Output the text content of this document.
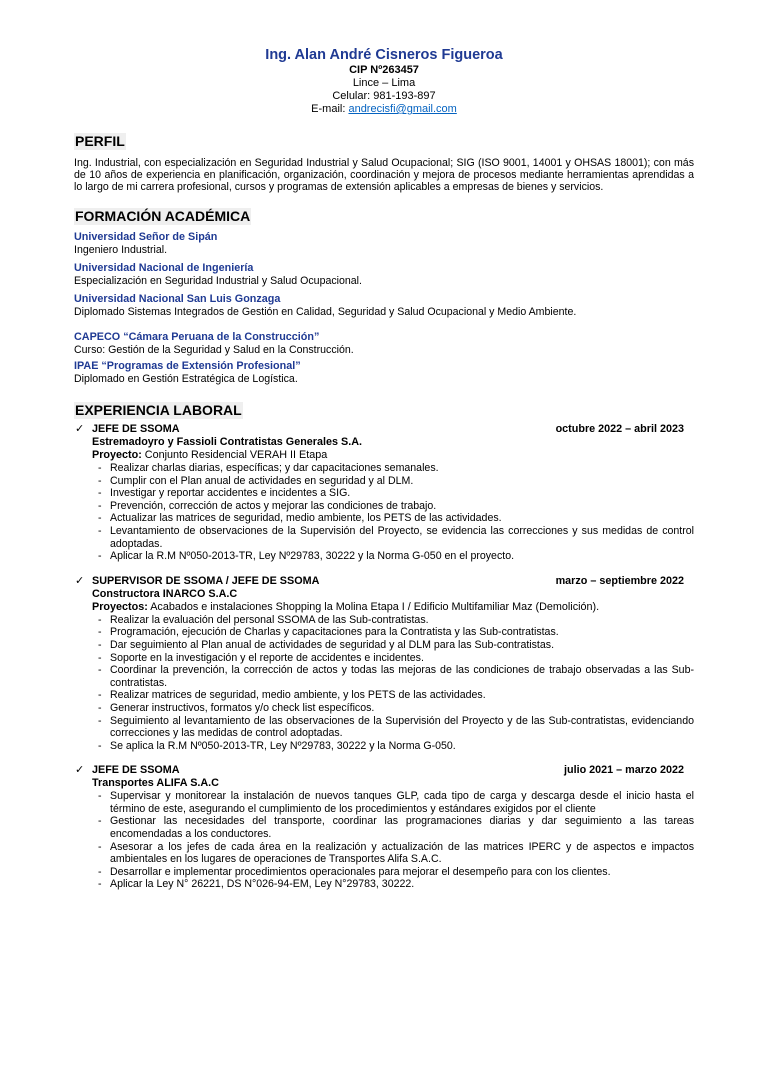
Ing. Alan André Cisneros Figueroa
CIP Nº263457
Lince – Lima
Celular: 981-193-897
E-mail: andrecisfi@gmail.com
PERFIL

Ing. Industrial, con especialización en Seguridad Industrial y Salud Ocupacional; SIG (ISO 9001, 14001 y OHSAS 18001); con más de 10 años de experiencia en planificación, organización, coordinación y mejora de procesos mediante herramientas aprendidas a lo largo de mi carrera profesional, cursos y programas de extensión aplicables a empresas de bienes y servicios.

FORMACIÓN ACADÉMICA
Universidad Señor de Sipán
Ingeniero Industrial.
Universidad Nacional de Ingeniería
Especialización en Seguridad Industrial y Salud Ocupacional.
Universidad Nacional San Luis Gonzaga
Diplomado Sistemas Integrados de Gestión en Calidad, Seguridad y Salud Ocupacional y Medio Ambiente.
CAPECO “Cámara Peruana de la Construcción”
Curso: Gestión de la Seguridad y Salud en la Construcción.
IPAE “Programas de Extensión Profesional”
Diplomado en Gestión Estratégica de Logística.
EXPERIENCIA LABORAL
✓ JEFE DE SSOMA	octubre 2022 – abril 2023
Estremadoyro y Fassioli Contratistas Generales S.A.
Proyecto: Conjunto Residencial VERAH II Etapa
- Realizar charlas diarias, específicas; y dar capacitaciones semanales.
- Cumplir con el Plan anual de actividades en seguridad y al DLM.
- Investigar y reportar accidentes e incidentes a SIG.
- Prevención, corrección de actos y mejorar las condiciones de trabajo.
- Actualizar las matrices de seguridad, medio ambiente, los PETS de las actividades.
- Levantamiento de observaciones de la Supervisión del Proyecto, se evidencia las correcciones y sus medidas de control adoptadas.
- Aplicar la R.M Nº050-2013-TR, Ley Nº29783, 30222 y la Norma G-050 en el proyecto.
✓ SUPERVISOR DE SSOMA / JEFE DE SSOMA	marzo – septiembre 2022
Constructora INARCO S.A.C
Proyectos: Acabados e instalaciones Shopping la Molina Etapa I / Edificio Multifamiliar Maz (Demolición).
- Realizar la evaluación del personal SSOMA de las Sub-contratistas.
- Programación, ejecución de Charlas y capacitaciones para la Contratista y las Sub-contratistas.
- Dar seguimiento al Plan anual de actividades de seguridad y al DLM para las Sub-contratistas.
- Soporte en la investigación y el reporte de accidentes e incidentes.
- Coordinar la prevención, la corrección de actos y todas las mejoras de las condiciones de trabajo observadas a las Sub-contratistas.
- Realizar matrices de seguridad, medio ambiente, y los PETS de las actividades.
- Generar instructivos, formatos y/o check list específicos.
- Seguimiento al levantamiento de las observaciones de la Supervisión del Proyecto y de las Sub-contratistas, evidenciando correcciones y las medidas de control adoptadas.
- Se aplica la R.M Nº050-2013-TR, Ley Nº29783, 30222 y la Norma G-050.
✓ JEFE DE SSOMA	julio 2021 – marzo 2022
Transportes ALIFA S.A.C
- Supervisar y monitorear la instalación de nuevos tanques GLP, cada tipo de carga y descarga desde el inicio hasta el término de este, asegurando el cumplimiento de los procedimientos y estándares exigidos por el cliente
- Gestionar las necesidades del transporte, coordinar las programaciones diarias y dar seguimiento a las tareas encomendadas a los conductores.
- Asesorar a los jefes de cada área en la realización y actualización de las matrices IPERC y de aspectos e impactos ambientales en los lugares de operaciones de Transportes Alifa S.A.C.
- Desarrollar e implementar procedimientos operacionales para mejorar el desempeño para con los clientes.
- Aplicar la Ley N° 26221, DS N°026-94-EM, Ley N°29783, 30222.
